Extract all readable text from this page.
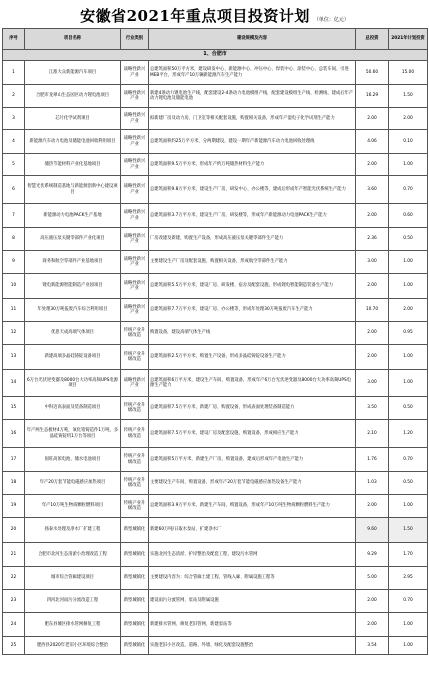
安徽省2021年重点项目投资计划 （单位：亿元）
序号	项目名称	行业类别	建设规模及内容	总投资	2021年计划投资
1、合肥市					
1	江淮大众新能源汽车项目	战略性新兴产业	总建筑面积50万平方米，建设研发中心、新能源中心、冲压中心、焊装中心、涂装中心、总装车间、引进MEB平台，形成年产10万辆新能源汽车生产能力	50.60	15.00
2	合肥市龙翠山生态园区动力锂电池项目	战略性新兴产业	新建4条动力锂电池生产线，配套建设2-4条动力电池模组产线，配套建设模组生产线、检测线，建成后年产动力锂电池及储能电池	16.29	1.50
3	芯片化学试剂项目	战略性新兴产业	拟新建厂房及动力房、门卫室等相关配套设施，购置相关设备，形成年产湿电子化学试剂生产能力	2.00	2.00
4	新能源汽车动力电池及储能电池回收利用项目	战略性新兴产业	总建筑面积约25万平方米，分两期建设，建设一期年产新能源汽车动力电池回收处理线	4.06	0.10
5	储热节能材料产业化基地项目	战略性新兴产业	总建筑面积9.5万平方米，形成年产约万吨储热材料生产能力	2.00	1.00
6	智慧光伏系统制造基地与新能源创新中心建设项目	战略性新兴产业	总建筑面积9.8万平方米，建设生产厂房、研发中心、办公楼等，建成后形成年产智能光伏系统生产能力	3.60	0.70
7	新能源动力电池PACK生产基地	战略性新兴产业	总建筑面积3.7万平方米，建设生产厂房、研发楼等，形成年产新能源动力电池PACK生产能力	2.00	0.60
8	高压液压泵关键零部件产业化项目	战略性新兴产业	厂房改建及新建，购置生产设备，形成高压液压泵关键零部件生产能力	2.36	0.50
9	商务和航空零部件产业基地项目	战略性新兴产业	主要建设生产厂房及配套设施，购置相关设备，形成航空零部件生产能力	3.00	1.00
10	锂电新能源智能制造产业园项目	战略性新兴产业	总建筑面积5.5万平方米，建设厂房、研发楼、宿舍及配套设施，形成锂电智能制造装备生产能力	2.00	1.00
11	年处理30万吨报废汽车综合利用项目	战略性新兴产业	总建筑面积7.7万平方米，建设厂房、办公楼等，形成年处理30万吨报废汽车生产能力	10.70	2.00
12	优思天成高端气体项目	传统产业升级改造	购置设备，建设高端气体生产线	2.00	0.95
13	新建高端多晶硅铸锭设备项目	传统产业升级改造	总建筑面积2.5万平方米，购置生产设备，形成多晶硅铸锭设备生产能力	2.00	1.00
14	6万台光伏逆变器及8000台大功率高频UPS电源项目	战略性新兴产业	总建筑面积6万平方米，建设生产车间，购置设备，形成年产6万台光伏逆变器及8000台大功率高频UPS电源生产能力	3.00	1.00
15	中科迈高表面及装备制造项目	传统产业升级改造	总建筑面积7.5万平方米，新建厂房，购置设备，形成表面处理装备制造能力	3.50	0.50
16	年产两生态板材4万吨，氧化锆铸造件1万吨，多晶硅铸锭机1万台等项目	传统产业升级改造	总建筑面积7.5万平方米，建设厂房及配套设施，购置设备，形成相应生产能力	2.10	1.20
17	固旺高浓电池、储水电池项目	传统产业升级改造	总建筑面积5万平方米，新建生产厂房，购置设备，建成后形成年产电池生产能力	1.76	0.70
18	年产20万套节能电磁感应加热项目	传统产业升级改造	主要建设生产车间，购置设备，形成年产20万套节能电磁感应加热设备生产能力	1.03	0.50
19	年产10万吨生物质颗粒燃料项目	传统产业升级改造	总建筑面积3.9万平方米，新建生产车间，购置设备，形成年产10万吨生物质颗粒燃料生产能力	2.00	1.00
20	扬泰水处理及净水厂扩建工程	新型城镇化	新建60万吨/日取水泵站，扩建净水厂	9.60	1.50
21	合肥市北河生态清淤小治理改造工程	新型城镇化	实施北河生态清淤、护岸整治及配套工程，建设污水管网	9.29	1.70
22	城市综合管廊建设项目	新型城镇化	主要建设内容为：综合管廊土建工程、管线入廊、附属设施工程等	5.00	2.95
23	四河北河雨污分流改造工程	新型城镇化	建设雨污分流管网、泵站及附属设施	2.00	0.70
24	肥东县城区排水管网修复工程	新型城镇化	新建排水管网、修复老旧管网，新建泵站等	2.00	1.00
25	肥西县2020年老旧小区环境综合整治	新型城镇化	实施老旧小区改造，道路、外墙、绿化及配套设施整治	3.54	1.00
